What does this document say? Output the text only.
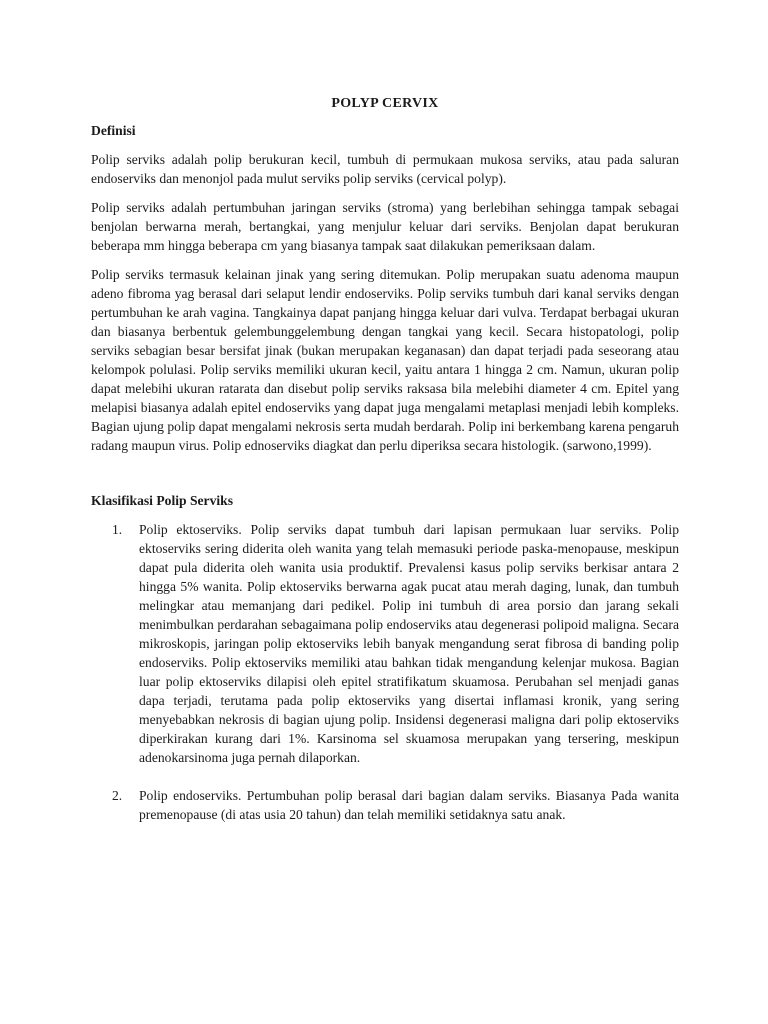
POLYP CERVIX
Definisi

Polip serviks adalah polip berukuran kecil, tumbuh di permukaan mukosa serviks, atau pada saluran endoserviks dan menonjol pada mulut serviks polip serviks (cervical polyp).

Polip serviks adalah pertumbuhan jaringan serviks (stroma) yang berlebihan sehingga tampak sebagai benjolan berwarna merah, bertangkai, yang menjulur keluar dari serviks. Benjolan dapat berukuran beberapa mm hingga beberapa cm yang biasanya tampak saat dilakukan pemeriksaan dalam.

Polip serviks termasuk kelainan jinak yang sering ditemukan. Polip merupakan suatu adenoma maupun adeno fibroma yag berasal dari selaput lendir endoserviks. Polip serviks tumbuh dari kanal serviks dengan pertumbuhan ke arah vagina. Tangkainya dapat panjang hingga keluar dari vulva. Terdapat berbagai ukuran dan biasanya berbentuk gelembunggelembung dengan tangkai yang kecil. Secara histopatologi, polip serviks sebagian besar bersifat jinak (bukan merupakan keganasan) dan dapat terjadi pada seseorang atau kelompok polulasi. Polip serviks memiliki ukuran kecil, yaitu antara 1 hingga 2 cm. Namun, ukuran polip dapat melebihi ukuran ratarata dan disebut polip serviks raksasa bila melebihi diameter 4 cm. Epitel yang melapisi biasanya adalah epitel endoserviks yang dapat juga mengalami metaplasi menjadi lebih kompleks. Bagian ujung polip dapat mengalami nekrosis serta mudah berdarah. Polip ini berkembang karena pengaruh radang maupun virus. Polip ednoserviks diagkat dan perlu diperiksa secara histologik. (sarwono,1999).

Klasifikasi Polip Serviks
1. Polip ektoserviks. Polip serviks dapat tumbuh dari lapisan permukaan luar serviks. Polip ektoserviks sering diderita oleh wanita yang telah memasuki periode paska-menopause, meskipun dapat pula diderita oleh wanita usia produktif. Prevalensi kasus polip serviks berkisar antara 2 hingga 5% wanita. Polip ektoserviks berwarna agak pucat atau merah daging, lunak, dan tumbuh melingkar atau memanjang dari pedikel. Polip ini tumbuh di area porsio dan jarang sekali menimbulkan perdarahan sebagaimana polip endoserviks atau degenerasi polipoid maligna. Secara mikroskopis, jaringan polip ektoserviks lebih banyak mengandung serat fibrosa di banding polip endoserviks. Polip ektoserviks memiliki atau bahkan tidak mengandung kelenjar mukosa. Bagian luar polip ektoserviks dilapisi oleh epitel stratifikatum skuamosa. Perubahan sel menjadi ganas dapa terjadi, terutama pada polip ektoserviks yang disertai inflamasi kronik, yang sering menyebabkan nekrosis di bagian ujung polip. Insidensi degenerasi maligna dari polip ektoserviks diperkirakan kurang dari 1%. Karsinoma sel skuamosa merupakan yang tersering, meskipun adenokarsinoma juga pernah dilaporkan.
2. Polip endoserviks. Pertumbuhan polip berasal dari bagian dalam serviks. Biasanya Pada wanita premenopause (di atas usia 20 tahun) dan telah memiliki setidaknya satu anak.
